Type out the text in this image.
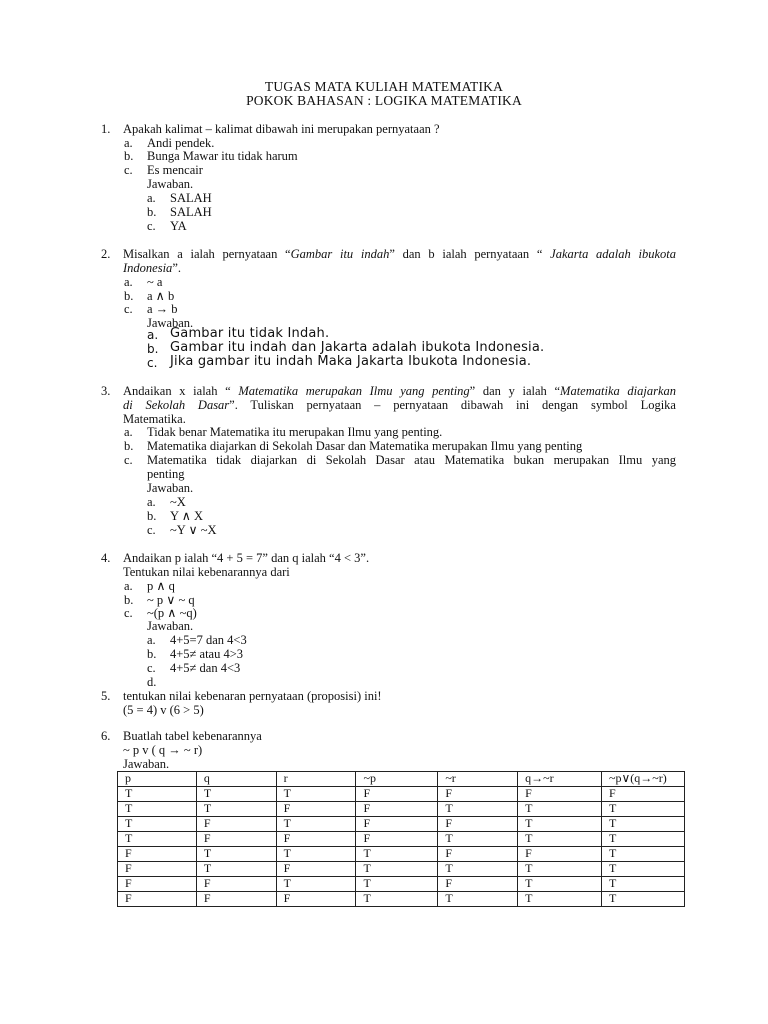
TUGAS MATA KULIAH MATEMATIKA
POKOK BAHASAN : LOGIKA MATEMATIKA
1. Apakah kalimat – kalimat dibawah ini merupakan pernyataan ?
a. Andi pendek.
b. Bunga Mawar itu tidak harum
c. Es mencair
Jawaban.
a. SALAH
b. SALAH
c. YA
2. Misalkan a ialah pernyataan “Gambar itu indah” dan b ialah pernyataan “ Jakarta adalah ibukota
Indonesia”.
a. ~ a
b. a ∧ b
c. a → b
Jawaban.
a. Gambar itu tidak Indah.
b. Gambar itu indah dan Jakarta adalah ibukota Indonesia.
c. Jika gambar itu indah Maka Jakarta Ibukota Indonesia.
3. Andaikan x ialah “ Matematika merupakan Ilmu yang penting” dan y ialah “Matematika diajarkan
di Sekolah Dasar”. Tuliskan pernyataan – pernyataan dibawah ini dengan symbol Logika
Matematika.
a. Tidak benar Matematika itu merupakan Ilmu yang penting.
b. Matematika diajarkan di Sekolah Dasar dan Matematika merupakan Ilmu yang penting
c. Matematika tidak diajarkan di Sekolah Dasar atau Matematika bukan merupakan Ilmu yang
penting
Jawaban.
a. ~X
b. Y ∧ X
c. ~Y ∨ ~X
4. Andaikan p ialah “4 + 5 = 7” dan q ialah “4 < 3”.
Tentukan nilai kebenarannya dari
a. p ∧ q
b. ~ p ∨ ~ q
c. ~(p ∧ ~q)
Jawaban.
a. 4+5=7 dan 4<3
b. 4+5≠ atau 4>3
c. 4+5≠ dan 4<3
d.
5. tentukan nilai kebenaran pernyataan (proposisi) ini!
(5 = 4) v (6 > 5)
6. Buatlah tabel kebenarannya
~ p v ( q → ~ r)
Jawaban.
p	q	r	~p	~r	q→~r	~p∨(q→~r)
T	T	T	F	F	F	F
T	T	F	F	T	T	T
T	F	T	F	F	T	T
T	F	F	F	T	T	T
F	T	T	T	F	F	T
F	T	F	T	T	T	T
F	F	T	T	F	T	T
F	F	F	T	T	T	T
